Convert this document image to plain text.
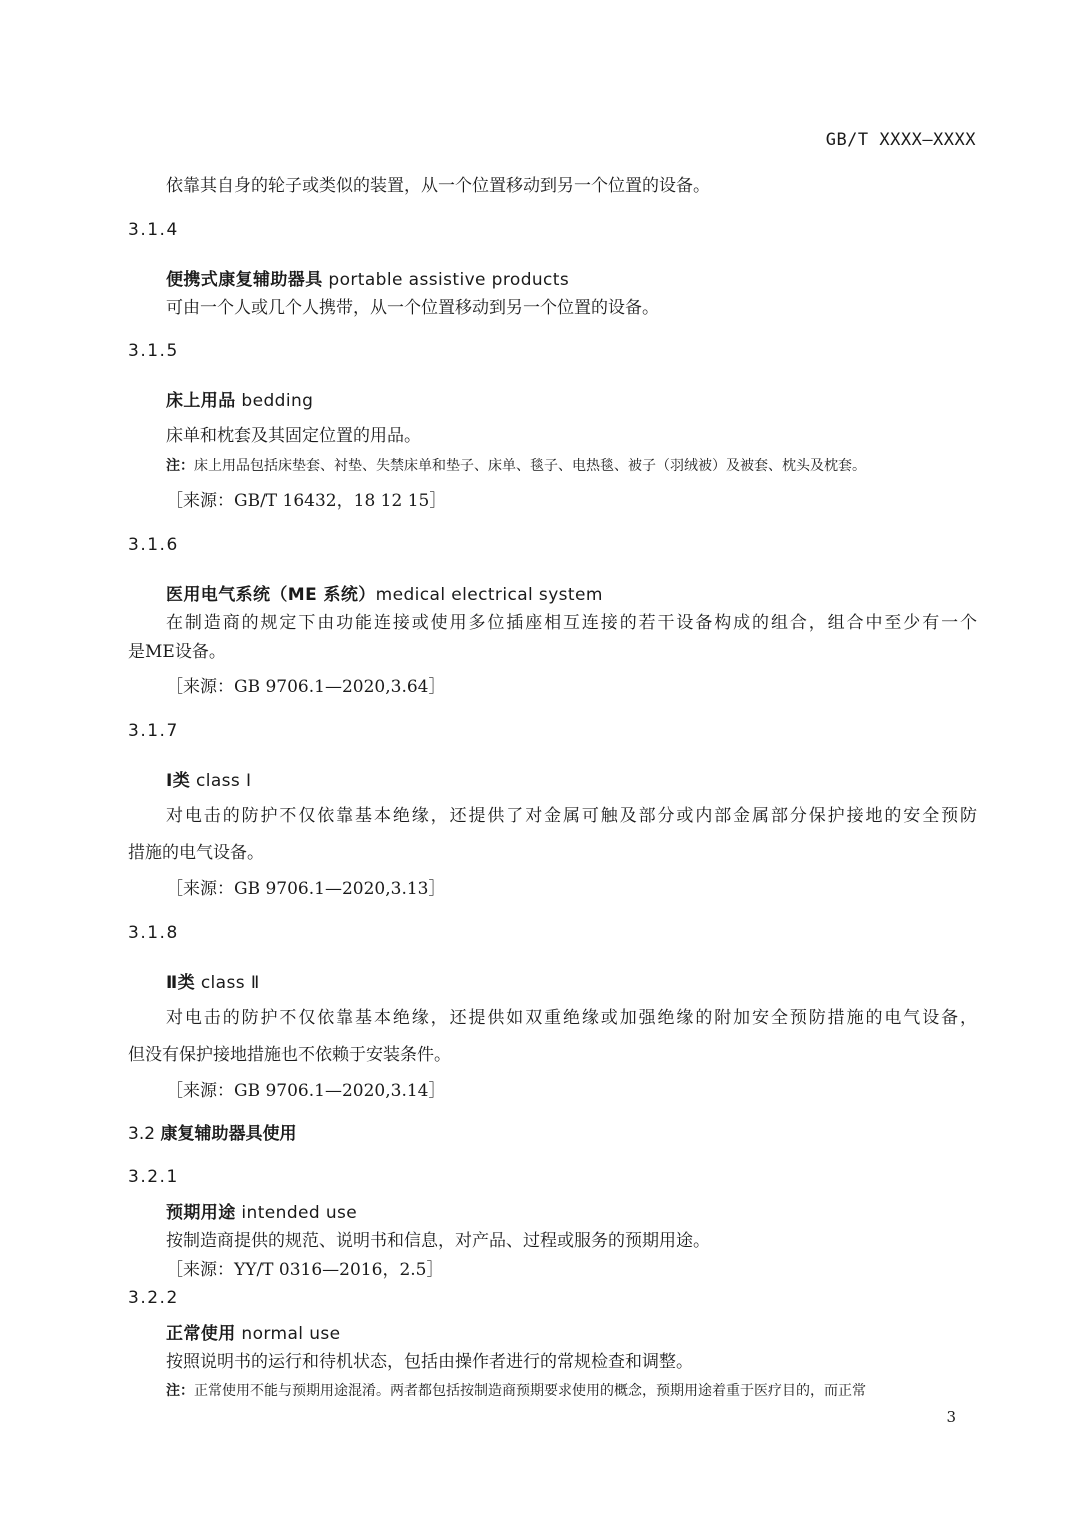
GB/T XXXX—XXXX
依靠其自身的轮子或类似的装置，从一个位置移动到另一个位置的设备。
3.1.4
便携式康复辅助器具 portable assistive products
可由一个人或几个人携带，从一个位置移动到另一个位置的设备。
3.1.5
床上用品 bedding
床单和枕套及其固定位置的用品。
注：床上用品包括床垫套、衬垫、失禁床单和垫子、床单、毯子、电热毯、被子（羽绒被）及被套、枕头及枕套。
［来源：GB/T 16432，18 12 15］
3.1.6
医用电气系统（ME 系统）medical electrical system
在制造商的规定下由功能连接或使用多位插座相互连接的若干设备构成的组合，组合中至少有一个
是ME设备。
［来源：GB 9706.1—2020,3.64］
3.1.7
Ⅰ类 class Ⅰ
对电击的防护不仅依靠基本绝缘，还提供了对金属可触及部分或内部金属部分保护接地的安全预防
措施的电气设备。
［来源：GB 9706.1—2020,3.13］
3.1.8
Ⅱ类 class Ⅱ
对电击的防护不仅依靠基本绝缘，还提供如双重绝缘或加强绝缘的附加安全预防措施的电气设备，
但没有保护接地措施也不依赖于安装条件。
［来源：GB 9706.1—2020,3.14］
3.2 康复辅助器具使用
3.2.1
预期用途 intended use
按制造商提供的规范、说明书和信息，对产品、过程或服务的预期用途。
［来源：YY/T 0316—2016，2.5］
3.2.2
正常使用 normal use
按照说明书的运行和待机状态，包括由操作者进行的常规检查和调整。
注：正常使用不能与预期用途混淆。两者都包括按制造商预期要求使用的概念，预期用途着重于医疗目的，而正常
3
